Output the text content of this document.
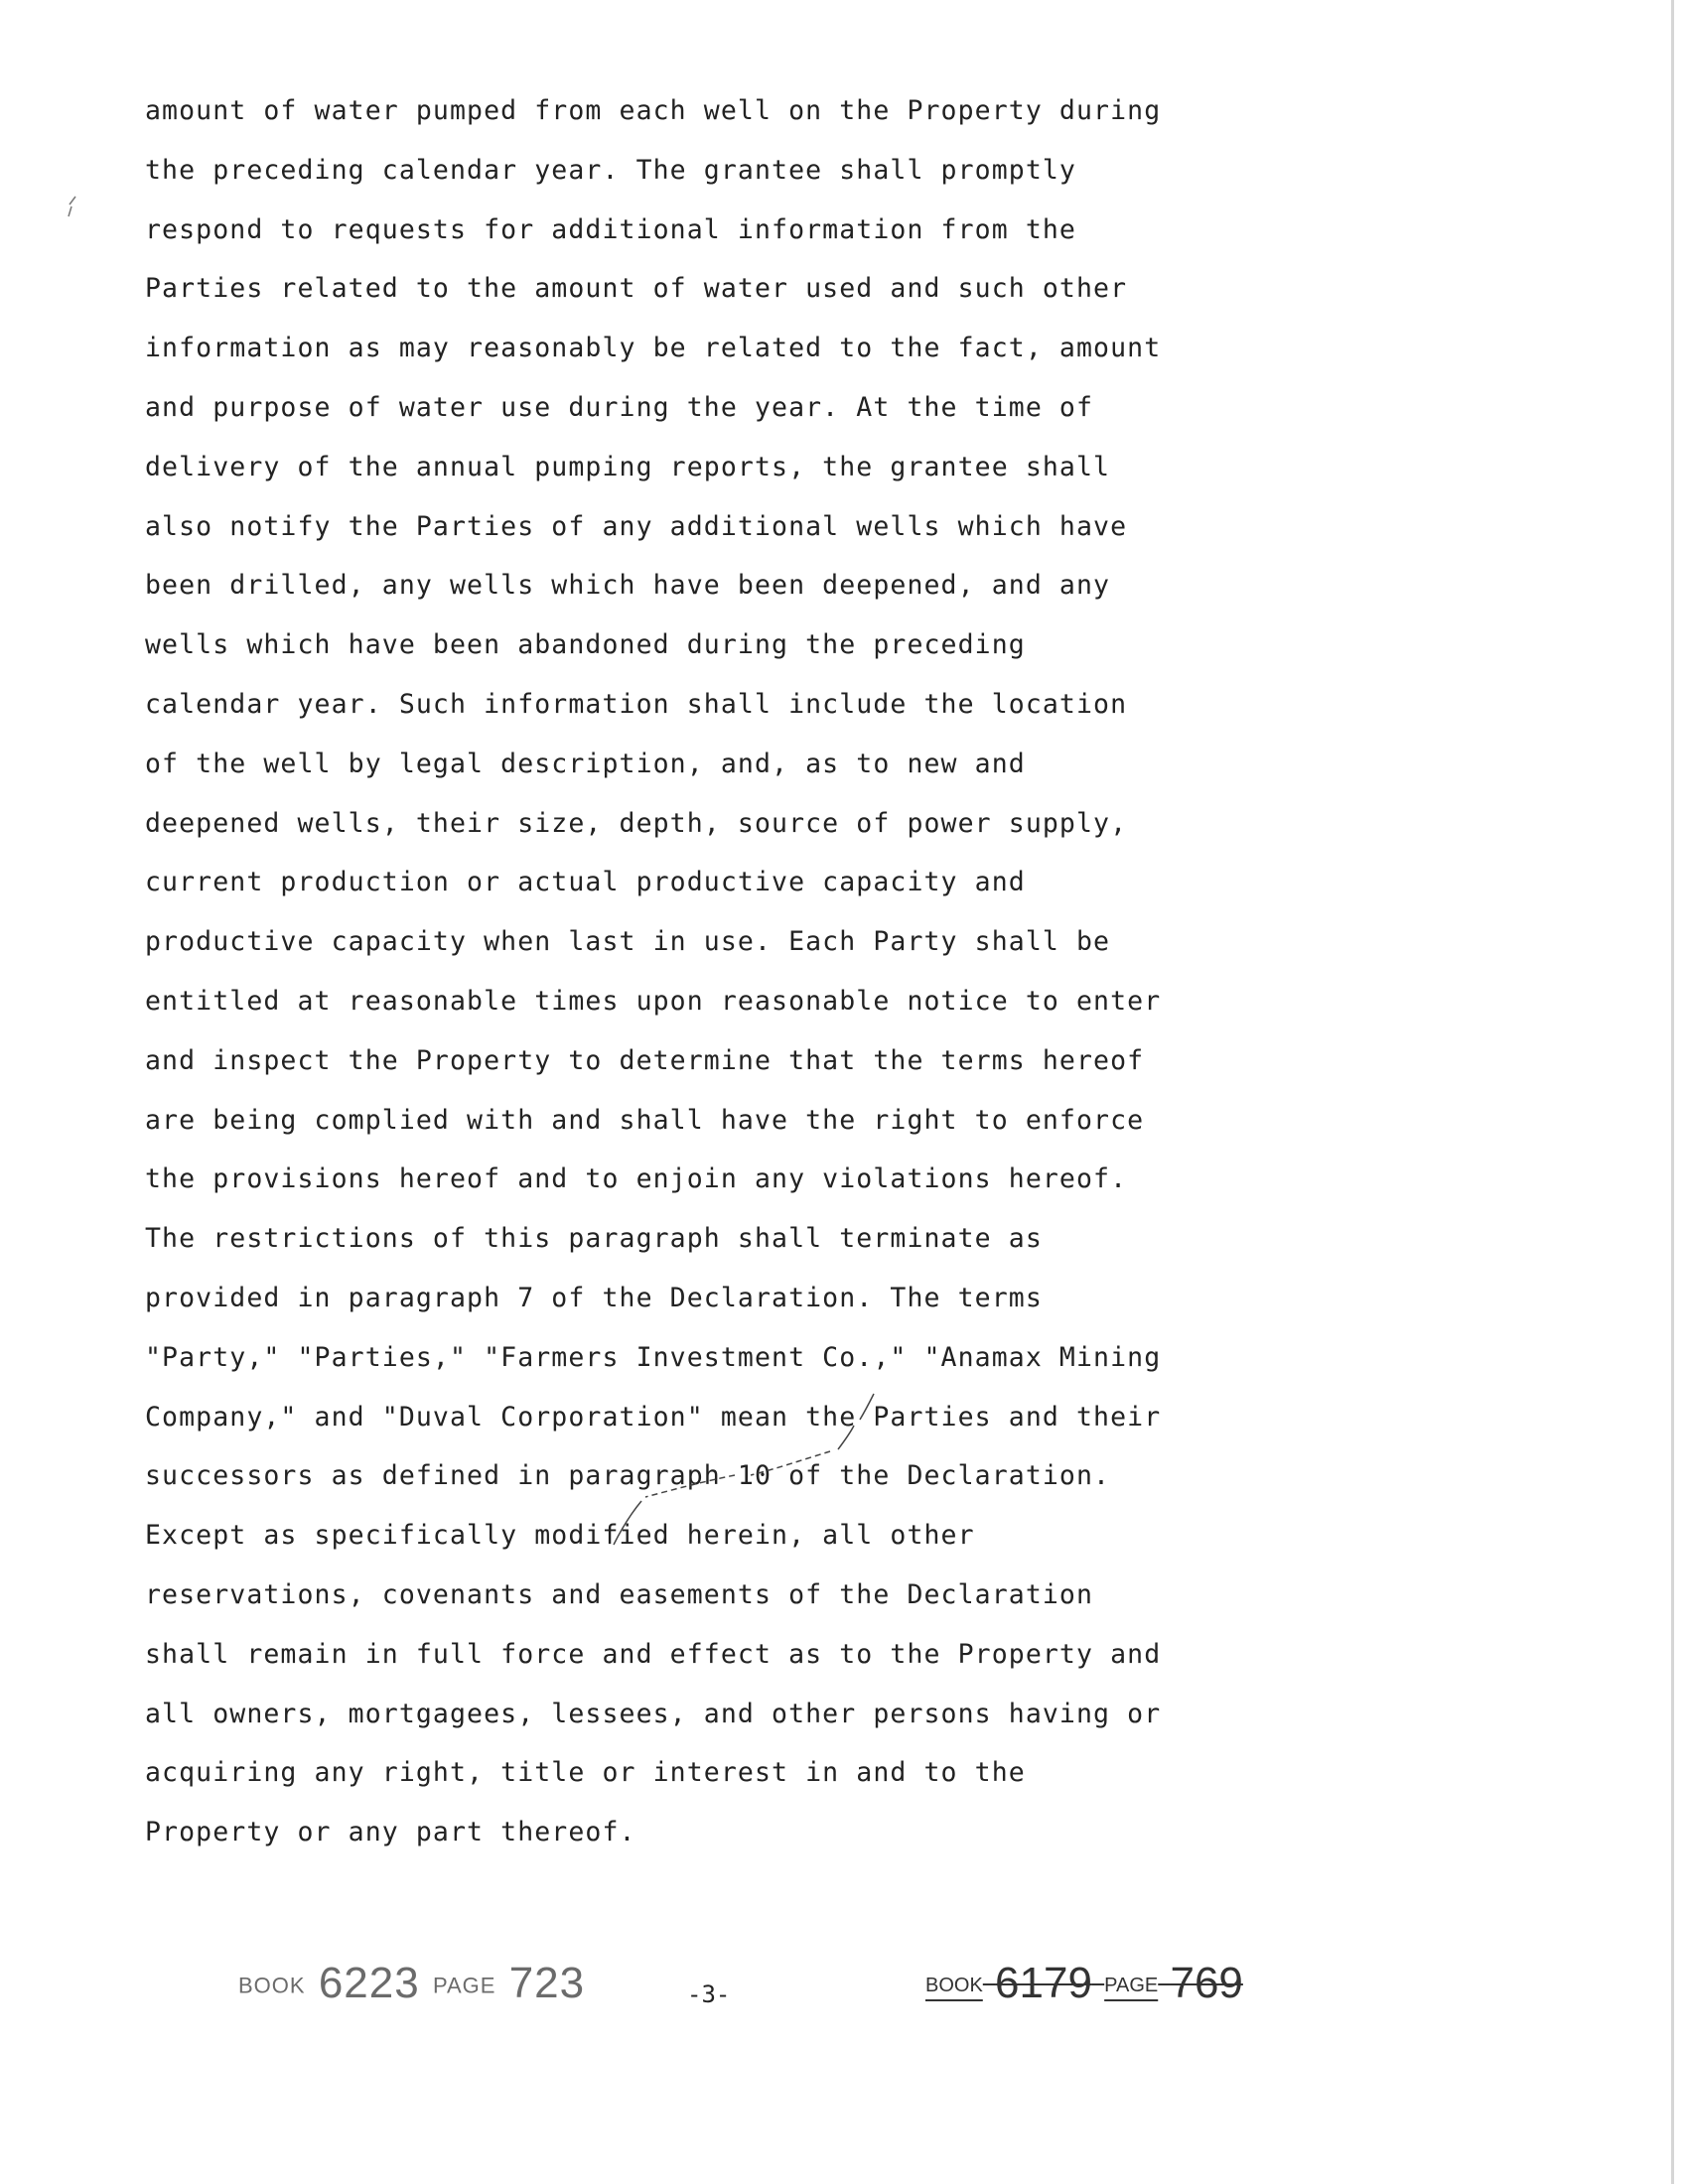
amount of water pumped from each well on the Property during
the preceding calendar year. The grantee shall promptly
respond to requests for additional information from the
Parties related to the amount of water used and such other
information as may reasonably be related to the fact, amount
and purpose of water use during the year. At the time of
delivery of the annual pumping reports, the grantee shall
also notify the Parties of any additional wells which have
been drilled, any wells which have been deepened, and any
wells which have been abandoned during the preceding
calendar year. Such information shall include the location
of the well by legal description, and, as to new and
deepened wells, their size, depth, source of power supply,
current production or actual productive capacity and
productive capacity when last in use. Each Party shall be
entitled at reasonable times upon reasonable notice to enter
and inspect the Property to determine that the terms hereof
are being complied with and shall have the right to enforce
the provisions hereof and to enjoin any violations hereof.
The restrictions of this paragraph shall terminate as
provided in paragraph 7 of the Declaration. The terms
"Party," "Parties," "Farmers Investment Co.," "Anamax Mining
Company," and "Duval Corporation" mean the Parties and their
successors as defined in paragraph 10 of the Declaration.
Except as specifically modified herein, all other
reservations, covenants and easements of the Declaration
shall remain in full force and effect as to the Property and
all owners, mortgagees, lessees, and other persons having or
acquiring any right, title or interest in and to the
Property or any part thereof.
BOOK 6223 PAGE 723	-3-	BOOK 6179 PAGE 769
